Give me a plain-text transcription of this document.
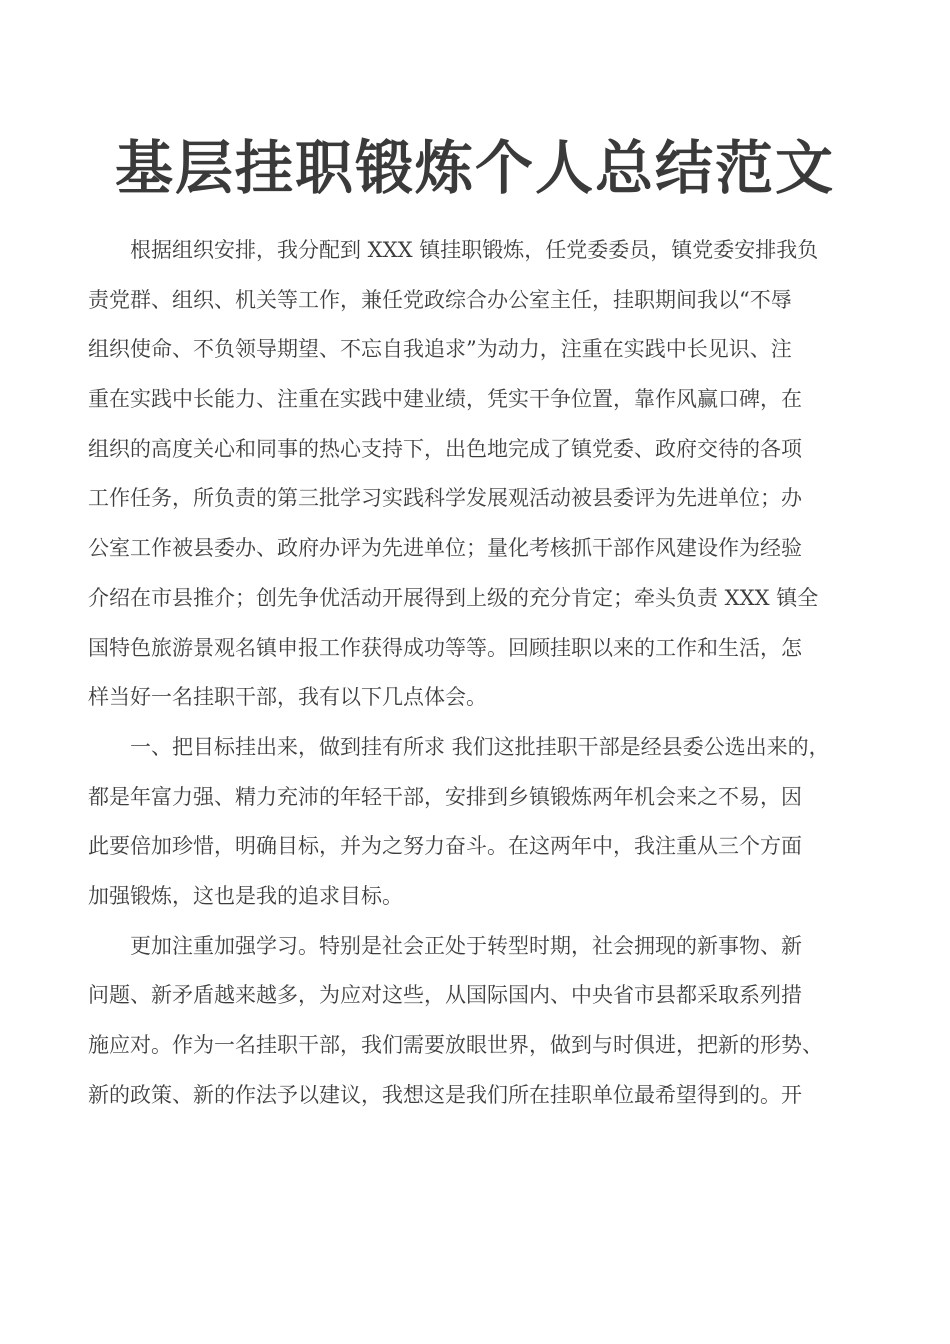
基层挂职锻炼个人总结范文
根据组织安排，我分配到 XXX 镇挂职锻炼，任党委委员，镇党委安排我负
责党群、组织、机关等工作，兼任党政综合办公室主任，挂职期间我以“不辱
组织使命、不负领导期望、不忘自我追求”为动力，注重在实践中长见识、注
重在实践中长能力、注重在实践中建业绩，凭实干争位置，靠作风赢口碑，在
组织的高度关心和同事的热心支持下，出色地完成了镇党委、政府交待的各项
工作任务，所负责的第三批学习实践科学发展观活动被县委评为先进单位；办
公室工作被县委办、政府办评为先进单位；量化考核抓干部作风建设作为经验
介绍在市县推介；创先争优活动开展得到上级的充分肯定；牵头负责 XXX 镇全
国特色旅游景观名镇申报工作获得成功等等。回顾挂职以来的工作和生活，怎
样当好一名挂职干部，我有以下几点体会。
一、把目标挂出来，做到挂有所求 我们这批挂职干部是经县委公选出来的，
都是年富力强、精力充沛的年轻干部，安排到乡镇锻炼两年机会来之不易，因
此要倍加珍惜，明确目标，并为之努力奋斗。在这两年中，我注重从三个方面
加强锻炼，这也是我的追求目标。
更加注重加强学习。特别是社会正处于转型时期，社会拥现的新事物、新
问题、新矛盾越来越多，为应对这些，从国际国内、中央省市县都采取系列措
施应对。作为一名挂职干部，我们需要放眼世界，做到与时俱进，把新的形势、
新的政策、新的作法予以建议，我想这是我们所在挂职单位最希望得到的。开
